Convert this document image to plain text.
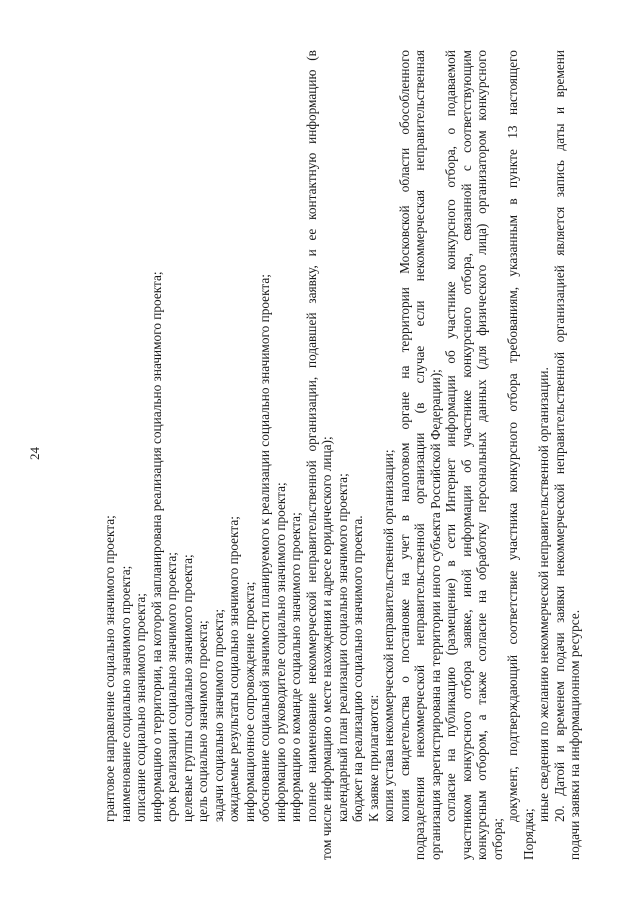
24
грантовое направление социально значимого проекта; наименование социально значимого проекта; описание социально значимого проекта; информацию о территории, на которой запланирована реализация социально значимого проекта; срок реализации социально значимого проекта; целевые группы социально значимого проекта; цель социально значимого проекта; задачи социально значимого проекта; ожидаемые результаты социально значимого проекта; информационное сопровождение проекта; обоснование социальной значимости планируемого к реализации социально значимого проекта; информацию о руководителе социально значимого проекта; информацию о команде социально значимого проекта; полное
наименование
некоммерческой
неправительственной
организации,
подавшей
заявку,
и
ее
контактную
информацию
(в
том числе информацию о месте нахождения и адресе юридического лица); календарный план реализации социально значимого проекта; бюджет на реализацию социально значимого проекта. К заявке прилагаются: копия устава некоммерческой неправительственной организации; копия
свидетельства
о
постановке
на
учет
в
налоговом
органе
на
территории
Московской
области
обособленного
подразделения
некоммерческой
неправительственной
организации
(в
случае
если
некоммерческая
неправительственная
организация зарегистрирована на территории иного субъекта Российской Федерации); согласие
на
публикацию
(размещение)
в
сети
Интернет
информации
об
участнике
конкурсного
отбора,
о
подаваемой
участником
конкурсного
отбора
заявке,
иной
информации
об
участнике
конкурсного
отбора,
связанной
с
соответствующим
конкурсным
отбором,
а
также
согласие
на
обработку
персональных
данных
(для
физического
лица)
организатором
конкурсного
отбора;
документ,
подтверждающий
соответствие
участника
конкурсного
отбора
требованиям,
указанным
в
пункте
13
настоящего
Порядка;
иные сведения по желанию некоммерческой неправительственной организации. 20.
Датой
и
временем
подачи
заявки
некоммерческой
неправительственной
организацией
является
запись
даты
и
времени
подачи заявки на информационном ресурсе.
